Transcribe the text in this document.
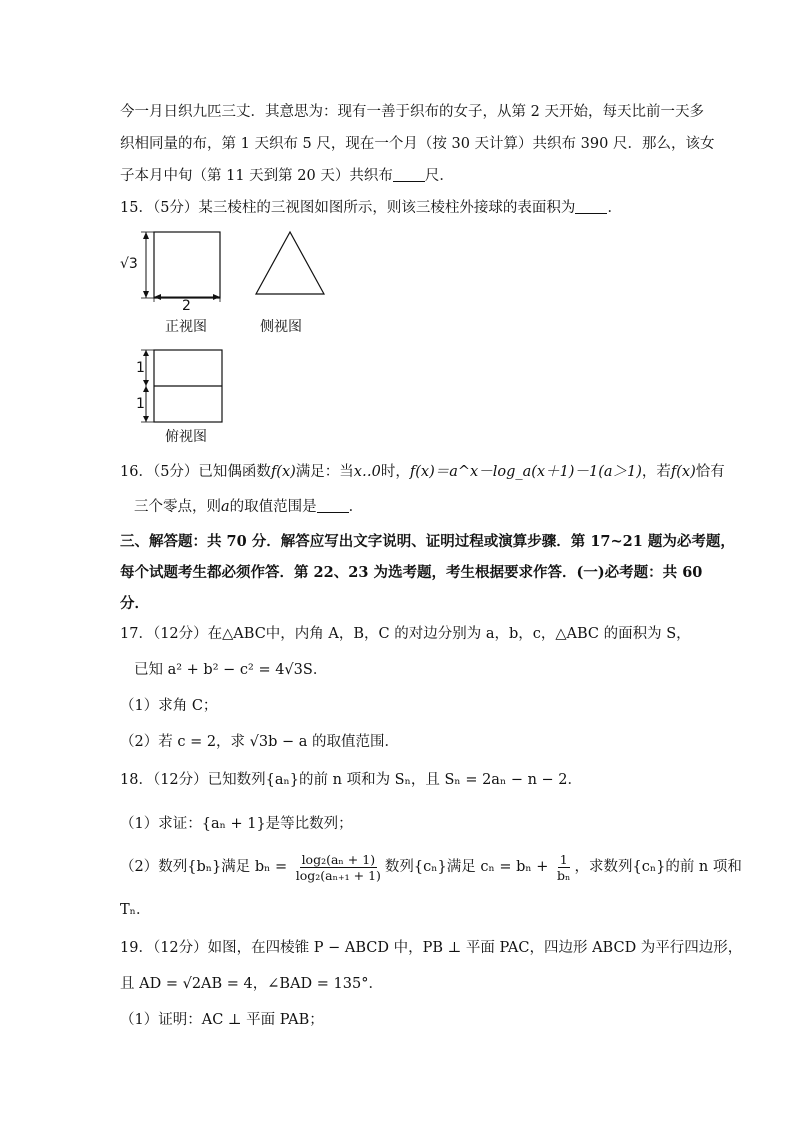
今一月日织九匹三丈．其意思为：现有一善于织布的女子，从第 2 天开始，每天比前一天多
织相同量的布，第 1 天织布 5 尺，现在一个月（按 30 天计算）共织布 390 尺．那么，该女
子本月中旬（第 11 天到第 20 天）共织布 尺．
15．（5分）某三棱柱的三视图如图所示，则该三棱柱外接球的表面积为 ．
√3
2
正视图	侧视图
1
1
俯视图
16．（5分）已知偶函数f(x)满足：当x‥0时，f(x)＝a^x－log_a(x＋1)－1(a＞1)，若f(x)恰有
三个零点，则a的取值范围是 ．
三、解答题：共 70 分．解答应写出文字说明、证明过程或演算步骤．第 17~21 题为必考题，
每个试题考生都必须作答．第 22、23 为选考题，考生根据要求作答．(一)必考题：共 60
分．
17．（12分）在△ABC中，内角 A，B，C 的对边分别为 a，b，c，△ABC 的面积为 S，
已知 a² + b² − c² = 4√3S．
（1）求角 C；
（2）若 c = 2，求 √3b − a 的取值范围．
18．（12分）已知数列{aₙ}的前 n 项和为 Sₙ，且 Sₙ = 2aₙ − n − 2．
（1）求证：{aₙ + 1}是等比数列；
（2）数列{bₙ}满足 $b_n = \frac{\text{log₂(aₙ + 1)}}{\text{log₂(aₙ₊₁ + 1)}}$ 数列{cₙ}满足 $c_n = b_n + \frac{1}{\text{bₙ}}$ ，求数列{cₙ}的前 n 项和
Tₙ．
19．（12分）如图，在四棱锥 P − ABCD 中，PB ⊥ 平面 PAC，四边形 ABCD 为平行四边形，
且 AD = √2AB = 4，∠BAD = 135°．
（1）证明：AC ⊥ 平面 PAB；
